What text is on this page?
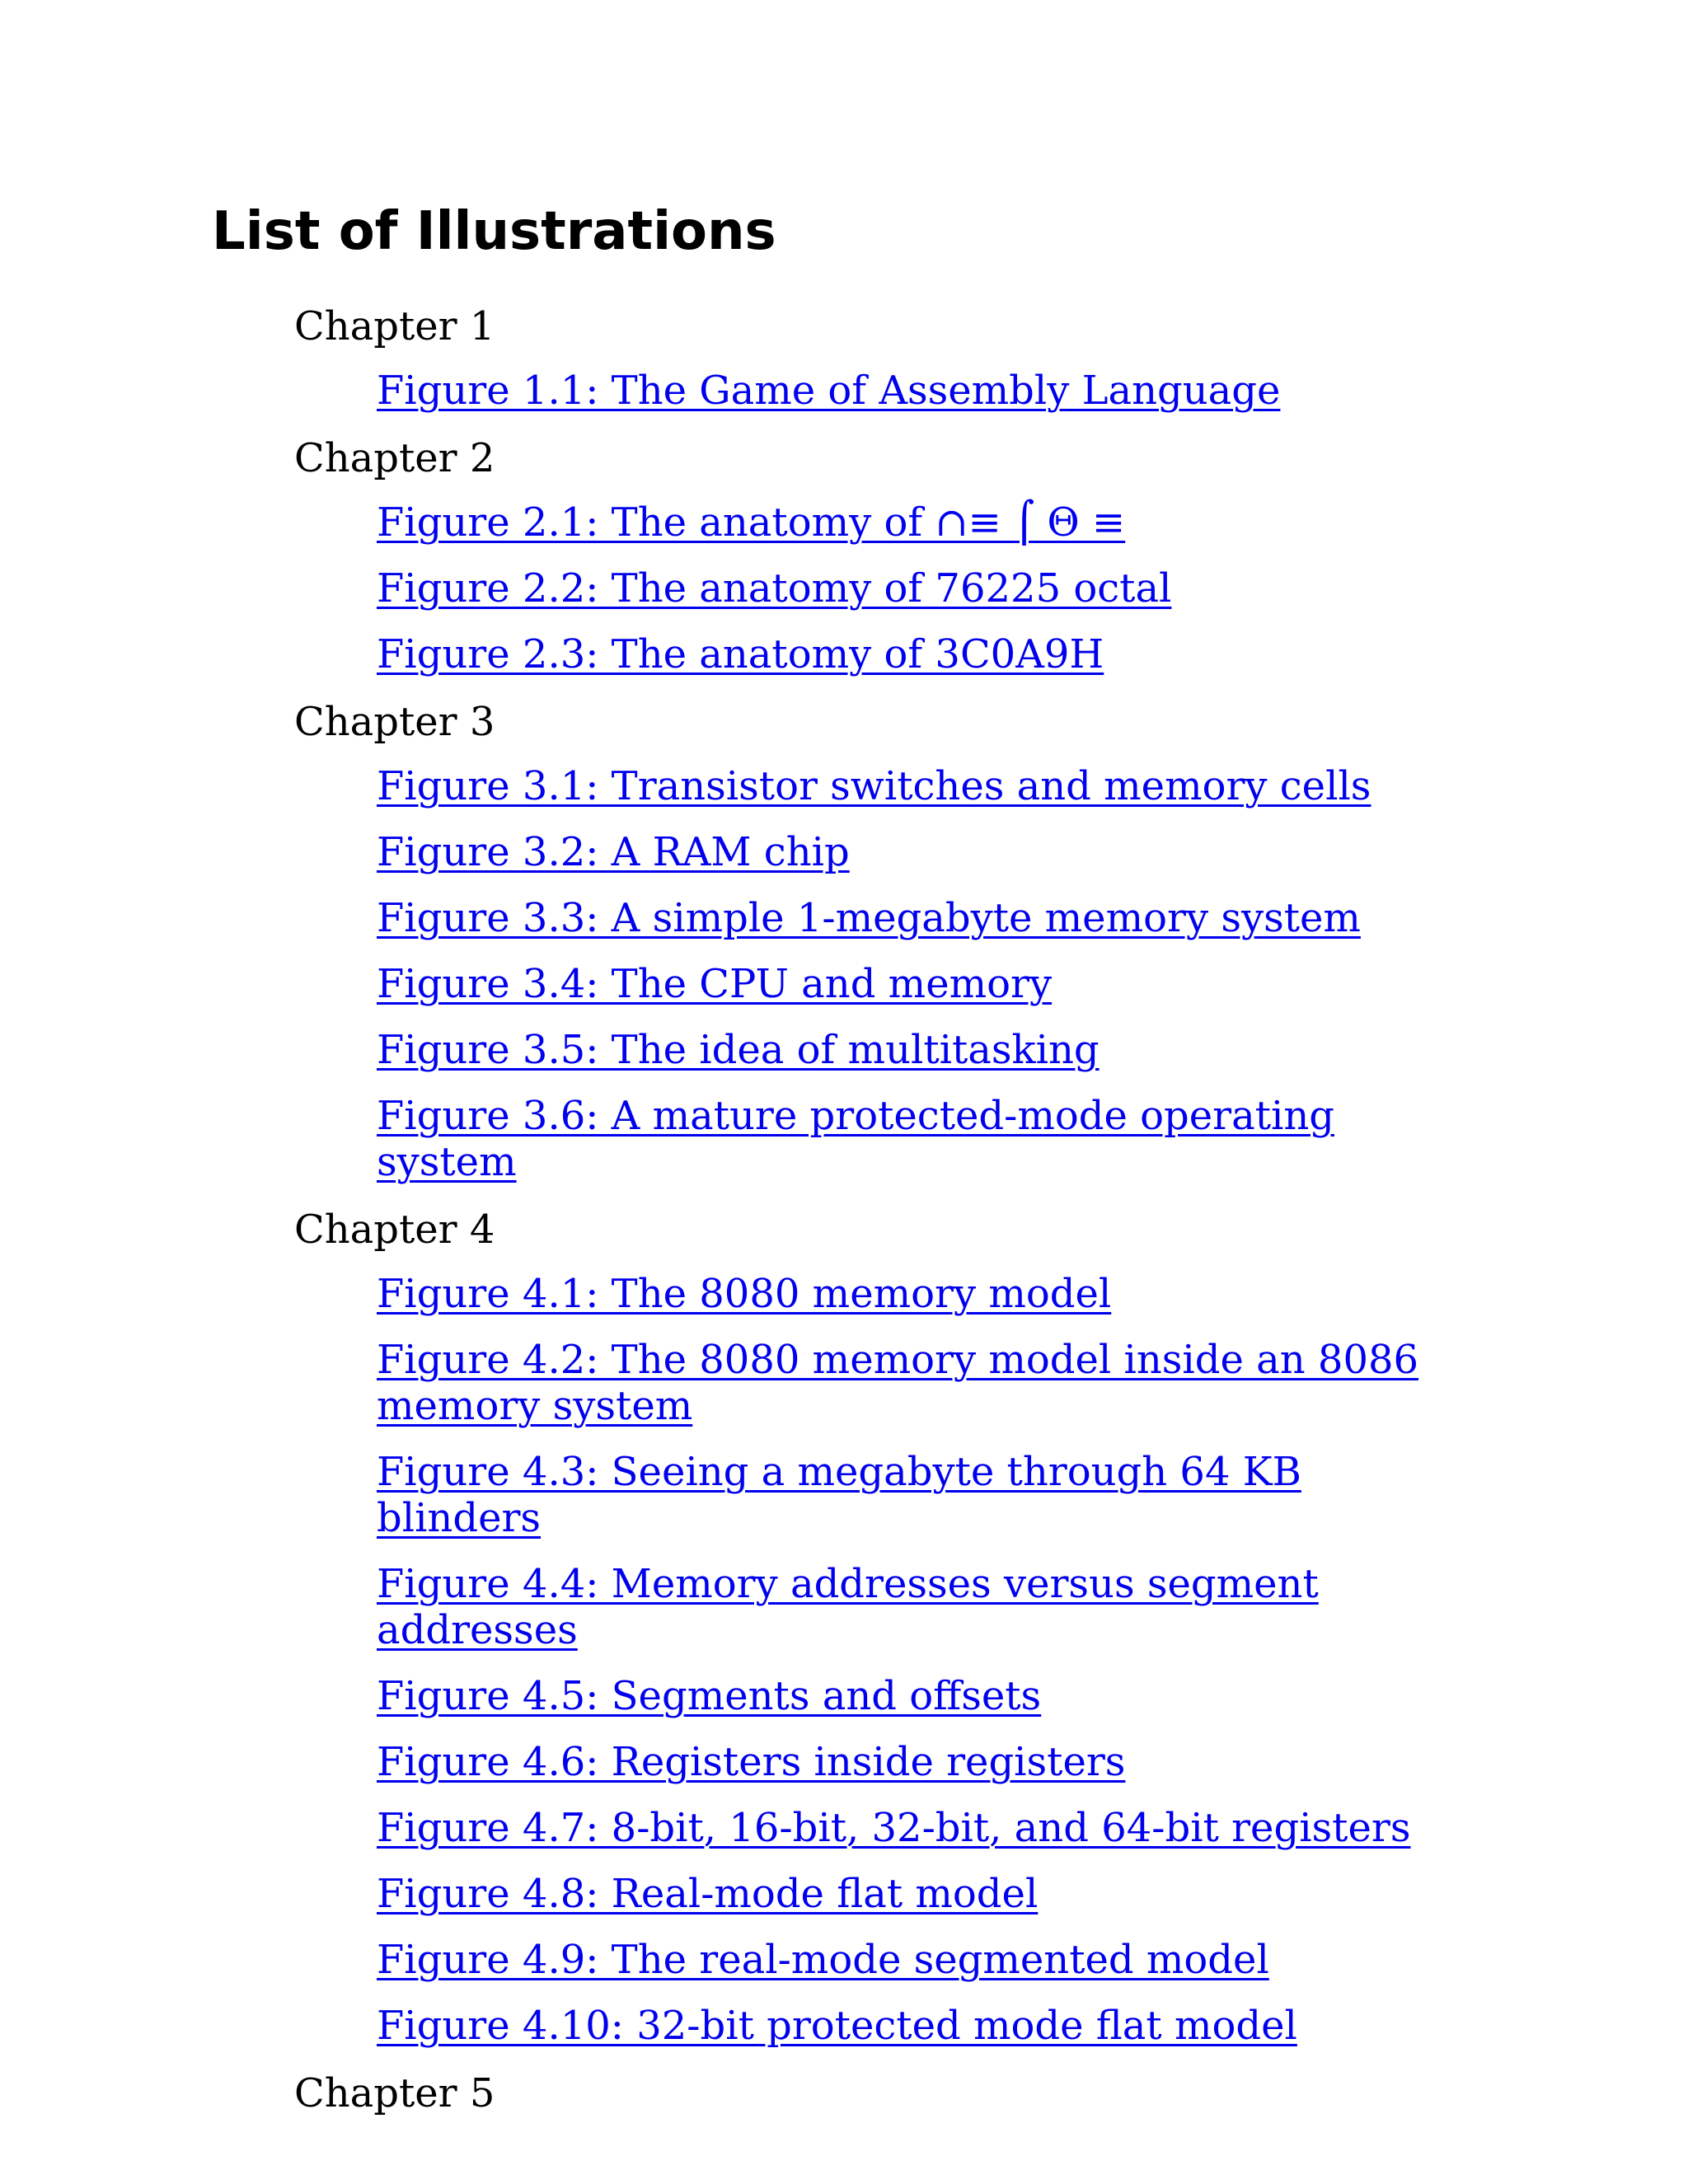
List of Illustrations
Chapter 1
Figure 1.1: The Game of Assembly Language
Chapter 2
Figure 2.1: The anatomy of ∩≡ ⌠ Θ ≡
Figure 2.2: The anatomy of 76225 octal
Figure 2.3: The anatomy of 3C0A9H
Chapter 3
Figure 3.1: Transistor switches and memory cells
Figure 3.2: A RAM chip
Figure 3.3: A simple 1-megabyte memory system
Figure 3.4: The CPU and memory
Figure 3.5: The idea of multitasking
Figure 3.6: A mature protected-mode operating system
Chapter 4
Figure 4.1: The 8080 memory model
Figure 4.2: The 8080 memory model inside an 8086 memory system
Figure 4.3: Seeing a megabyte through 64 KB blinders
Figure 4.4: Memory addresses versus segment addresses
Figure 4.5: Segments and offsets
Figure 4.6: Registers inside registers
Figure 4.7: 8-bit, 16-bit, 32-bit, and 64-bit registers
Figure 4.8: Real-mode flat model
Figure 4.9: The real-mode segmented model
Figure 4.10: 32-bit protected mode flat model
Chapter 5
